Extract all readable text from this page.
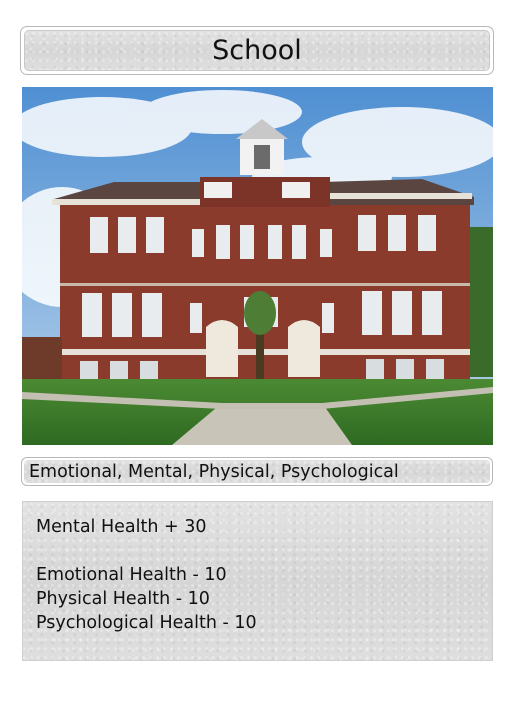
School
Emotional, Mental, Physical, Psychological
Mental Health + 30
Emotional Health - 10
Physical Health - 10
Psychological Health - 10
